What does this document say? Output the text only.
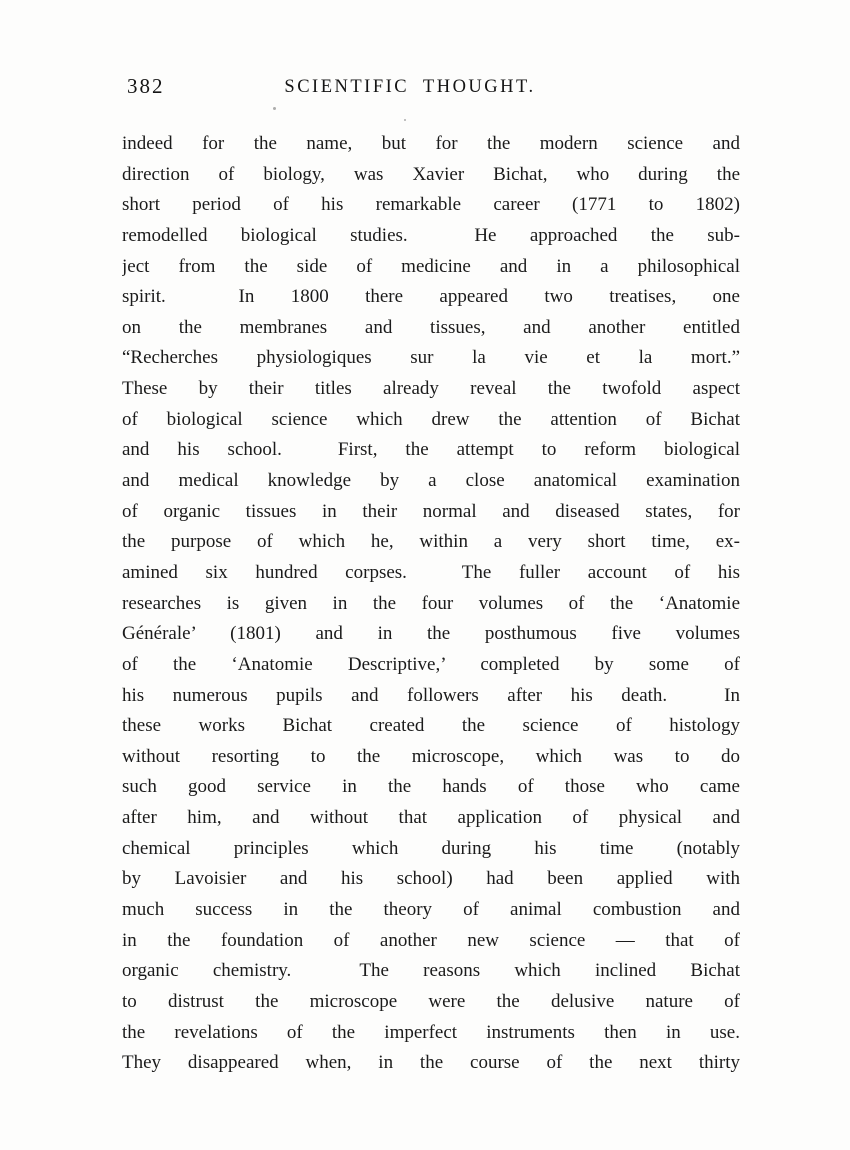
382	SCIENTIFIC THOUGHT.
indeed for the name, but for the modern science and
direction of biology, was Xavier Bichat, who during the
short period of his remarkable career (1771 to 1802)
remodelled biological studies.  He approached the sub-
ject from the side of medicine and in a philosophical
spirit.  In 1800 there appeared two treatises, one
on the membranes and tissues, and another entitled
“Recherches physiologiques sur la vie et la mort.”
These by their titles already reveal the twofold aspect
of biological science which drew the attention of Bichat
and his school.  First, the attempt to reform biological
and medical knowledge by a close anatomical examination
of organic tissues in their normal and diseased states, for
the purpose of which he, within a very short time, ex-
amined six hundred corpses.  The fuller account of his
researches is given in the four volumes of the ‘Anatomie
Générale’ (1801) and in the posthumous five volumes
of the ‘Anatomie Descriptive,’ completed by some of
his numerous pupils and followers after his death.  In
these works Bichat created the science of histology
without resorting to the microscope, which was to do
such good service in the hands of those who came
after him, and without that application of physical and
chemical principles which during his time (notably
by Lavoisier and his school) had been applied with
much success in the theory of animal combustion and
in the foundation of another new science — that of
organic chemistry.  The reasons which inclined Bichat
to distrust the microscope were the delusive nature of
the revelations of the imperfect instruments then in use.
They disappeared when, in the course of the next thirty
